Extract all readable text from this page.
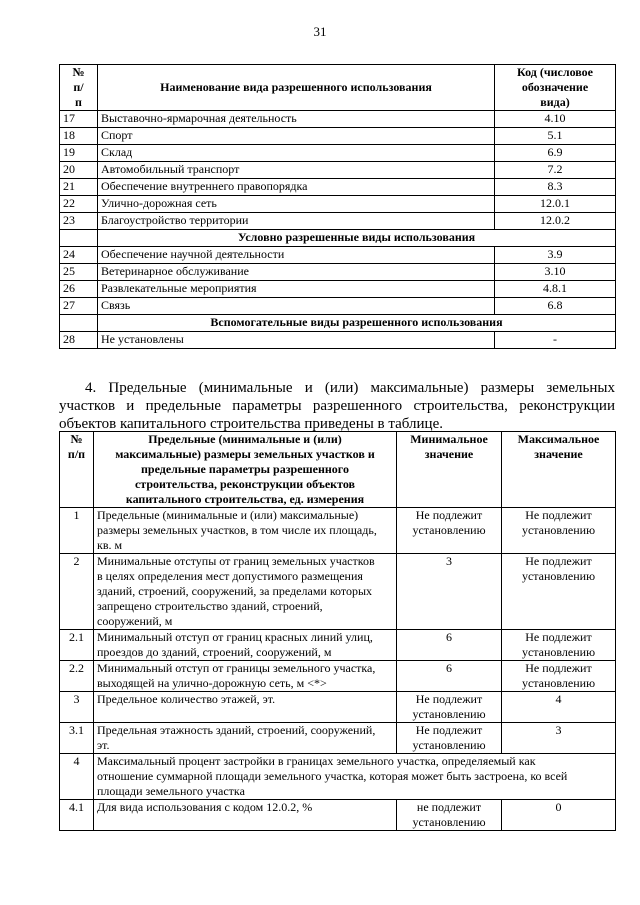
31
№
п/
п	Наименование вида разрешенного использования	Код (числовое
обозначение
вида)
17	Выставочно-ярмарочная деятельность	4.10
18	Спорт	5.1
19	Склад	6.9
20	Автомобильный транспорт	7.2
21	Обеспечение внутреннего правопорядка	8.3
22	Улично-дорожная сеть	12.0.1
23	Благоустройство территории	12.0.2
	Условно разрешенные виды использования	
24	Обеспечение научной деятельности	3.9
25	Ветеринарное обслуживание	3.10
26	Развлекательные мероприятия	4.8.1
27	Связь	6.8
	Вспомогательные виды разрешенного использования	
28	Не установлены	-
4. Предельные (минимальные и (или) максимальные) размеры земельных участков и предельные параметры разрешенного строительства, реконструкции объектов капитального строительства приведены в таблице.
№
п/п	Предельные (минимальные и (или)
максимальные) размеры земельных участков и
предельные параметры разрешенного
строительства, реконструкции объектов
капитального строительства, ед. измерения	Минимальное
значение	Максимальное
значение
1	Предельные (минимальные и (или) максимальные)
размеры земельных участков, в том числе их площадь,
кв. м	Не подлежит
установлению	Не подлежит
установлению
2	Минимальные отступы от границ земельных участков
в целях определения мест допустимого размещения
зданий, строений, сооружений, за пределами которых
запрещено строительство зданий, строений,
сооружений, м	3	Не подлежит
установлению
2.1	Минимальный отступ от границ красных линий улиц,
проездов до зданий, строений, сооружений, м	6	Не подлежит
установлению
2.2	Минимальный отступ от границы земельного участка,
выходящей на улично-дорожную сеть, м <*>	6	Не подлежит
установлению
3	Предельное количество этажей, эт.	Не подлежит
установлению	4
3.1	Предельная этажность зданий, строений, сооружений,
эт.	Не подлежит
установлению	3
4	Максимальный процент застройки в границах земельного участка, определяемый как
отношение суммарной площади земельного участка, которая может быть застроена, ко всей
площади земельного участка		
4.1	Для вида использования с кодом 12.0.2, %	не подлежит
установлению	0
